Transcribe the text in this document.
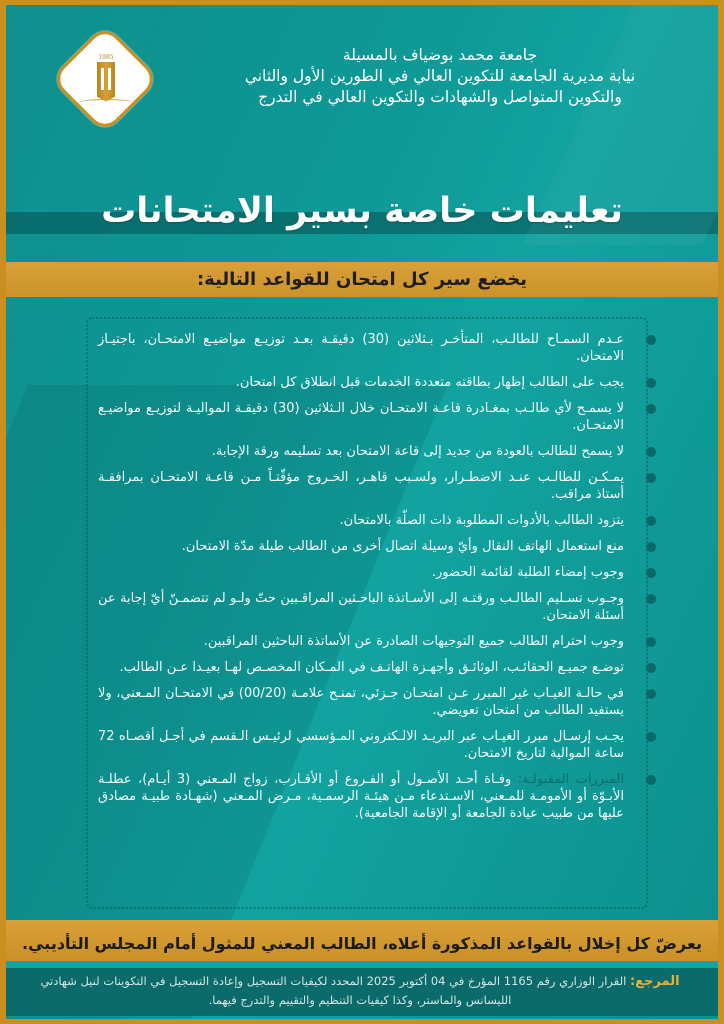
1985	جامعة محمد بوضياف بالمسيلة
نيابة مديرية الجامعة للتكوين العالي في الطورين الأول والثاني
والتكوين المتواصل والشهادات والتكوين العالي في التدرج
تعليمات خاصة بسير الامتحانات
يخضع سير كل امتحان للقواعد التالية:
عـدم السمـاح للطالـب، المتأخـر بـثلاثين (30) دقيقـة بعـد توزيـع مواضيـع الامتحـان، باجتيـاز الامتحان.
يجب على الطالب إظهار بطاقته متعددة الخدمات قبل انطلاق كل امتحان.
لا يسمـح لأي طالـب بمغـادرة قاعـة الامتحـان خلال الـثلاثين (30) دقيقـة المواليـة لتوزيـع مواضيـع الامتحـان.
لا يسمح للطالب بالعودة من جديد إلى قاعة الامتحان بعد تسليمه ورقة الإجابة.
يمـكـن للطالـب عنـد الاضطـرار، ولسـبب قاهـر، الخـروج مؤقّتـاً مـن قاعـة الامتحـان بمرافقـة أستاذ مراقب.
يتزود الطالب بالأدوات المطلوبة ذات الصلّة بالامتحان.
منع استعمال الهاتف النقال وأيّ وسيلة اتصال أخرى من الطالب طيلة مدّة الامتحان.
وجوب إمضاء الطلبة لقائمة الحضور.
وجـوب تسـليم الطالـب ورقتـه إلى الأسـاتذة الباحـثين المراقـبين حتّ ولـو لم تتضمـنّ أيّ إجابة عن أسئلة الامتحان.
وجوب احترام الطالب جميع التوجيهات الصادرة عن الأساتذة الباحثين المراقبين.
توضـع جميـع الحقائـب، الوثائـق وأجهـزة الهاتـف في المـكان المخصـص لهـا بعيـدا عـن الطالب.
في حالـة الغيـاب غير المبرر عـن امتحـان جـزئي، تمنـح علامـة (00/20) في الامتحـان المـعني، ولا يستفيد الطالب من امتحان تعويضي.
يجـب إرسـال مبرر الغيـاب عبر البريـد الالـكتروني المـؤسسي لرئيـس الـقسم في أجـل أقصـاه 72 ساعة الموالية لتاريخ الامتحان.
المبررات المقبولـة: وفـاة أحـد الأصـول أو الفـروع أو الأقـارب، زواج المـعني (3 أيـام)، عطلـة الأبـوّة أو الأمومـة للمـعني، الاسـتدعاء مـن هيئـة الرسمـية، مـرض المـعني (شهـادة طبيـة مصادق عليها من طبيب عيادة الجامعة أو الإقامة الجامعية).

يعرضّ كل إخلال بالقواعد المذكورة أعلاه، الطالب المعني للمثول أمام المجلس التأديبي.

المرجع: القرار الوزاري رقم 1165 المؤرخ في 04 أكتوبر 2025 المحدد لكيفيات التسجيل وإعادة التسجيل في التكوينات لنيل شهادتي الليسانس والماستر، وكذا كيفيات التنظيم والتقييم والتدرج فيهما.
